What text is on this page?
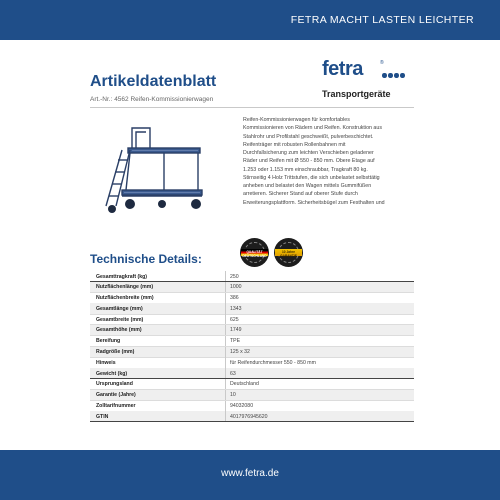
FETRA MACHT LASTEN LEICHTER
Artikeldatenblatt
Art.-Nr.: 4562 Reifen-Kommissionierwagen
fetra	®
Transportgeräte
Reifen-Kommissionierwagen für komfortables
Kommissionieren von Rädern und Reifen. Konstruktion aus
Stahlrohr und Profilstahl geschweißt, pulverbeschichtet.
Reifenträger mit robusten Rollenbahnen mit
Durchfallsicherung zum leichten Verschieben geladener
Räder und Reifen mit Ø 550 - 850 mm. Obere Etage auf
1.253 oder 1.153 mm einschraubbar, Tragkraft 80 kg.
Stirnseitig 4 Holz Trittstufen, die sich unbelastet selbsttätig
anheben und belastet den Wagen mittels Gummifüßen
arretieren. Sicherer Stand auf oberer Stufe durch
Erweiterungsplattform. Sicherheitsbügel zum Festhalten und
Technische Details:	QUALITÄT DEUTSCHLAND
10 Jahre GARANTIE
Gesamttragkraft (kg)	250
Nutzflächenlänge (mm)	1000
Nutzflächenbreite (mm)	386
Gesamtlänge (mm)	1343
Gesamtbreite (mm)	625
Gesamthöhe (mm)	1749
Bereifung	TPE
Radgröße (mm)	125 x 32
Hinweis	für Reifendurchmesser 550 - 850 mm
Gewicht (kg)	63
Ursprungsland	Deutschland
Garantie (Jahre)	10
Zolltarifnummer	94032080
GTIN	4017976945620
www.fetra.de
